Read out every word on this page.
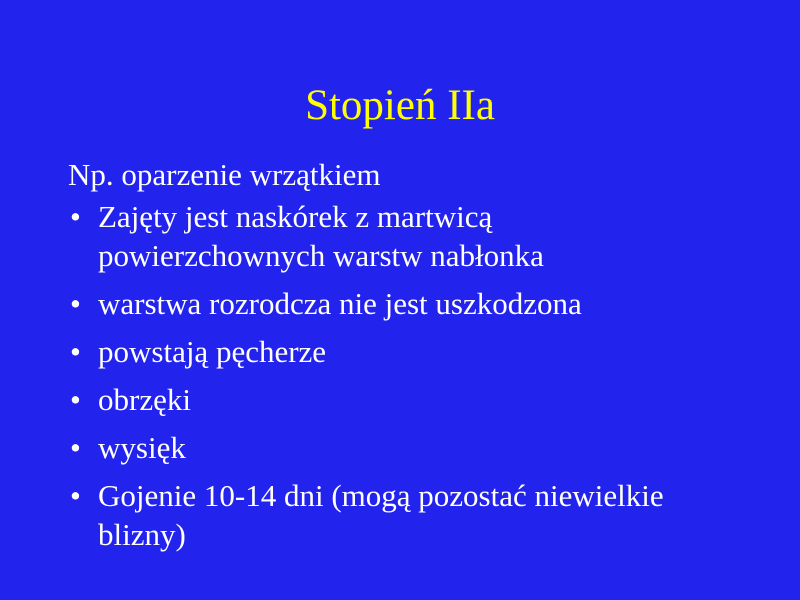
Stopień IIa

Np. oparzenie wrzątkiem

• Zajęty jest naskórek z martwicą powierzchownych warstw nabłonka
• warstwa rozrodcza nie jest uszkodzona
• powstają pęcherze
• obrzęki
• wysięk
• Gojenie 10-14 dni (mogą pozostać niewielkie blizny)
